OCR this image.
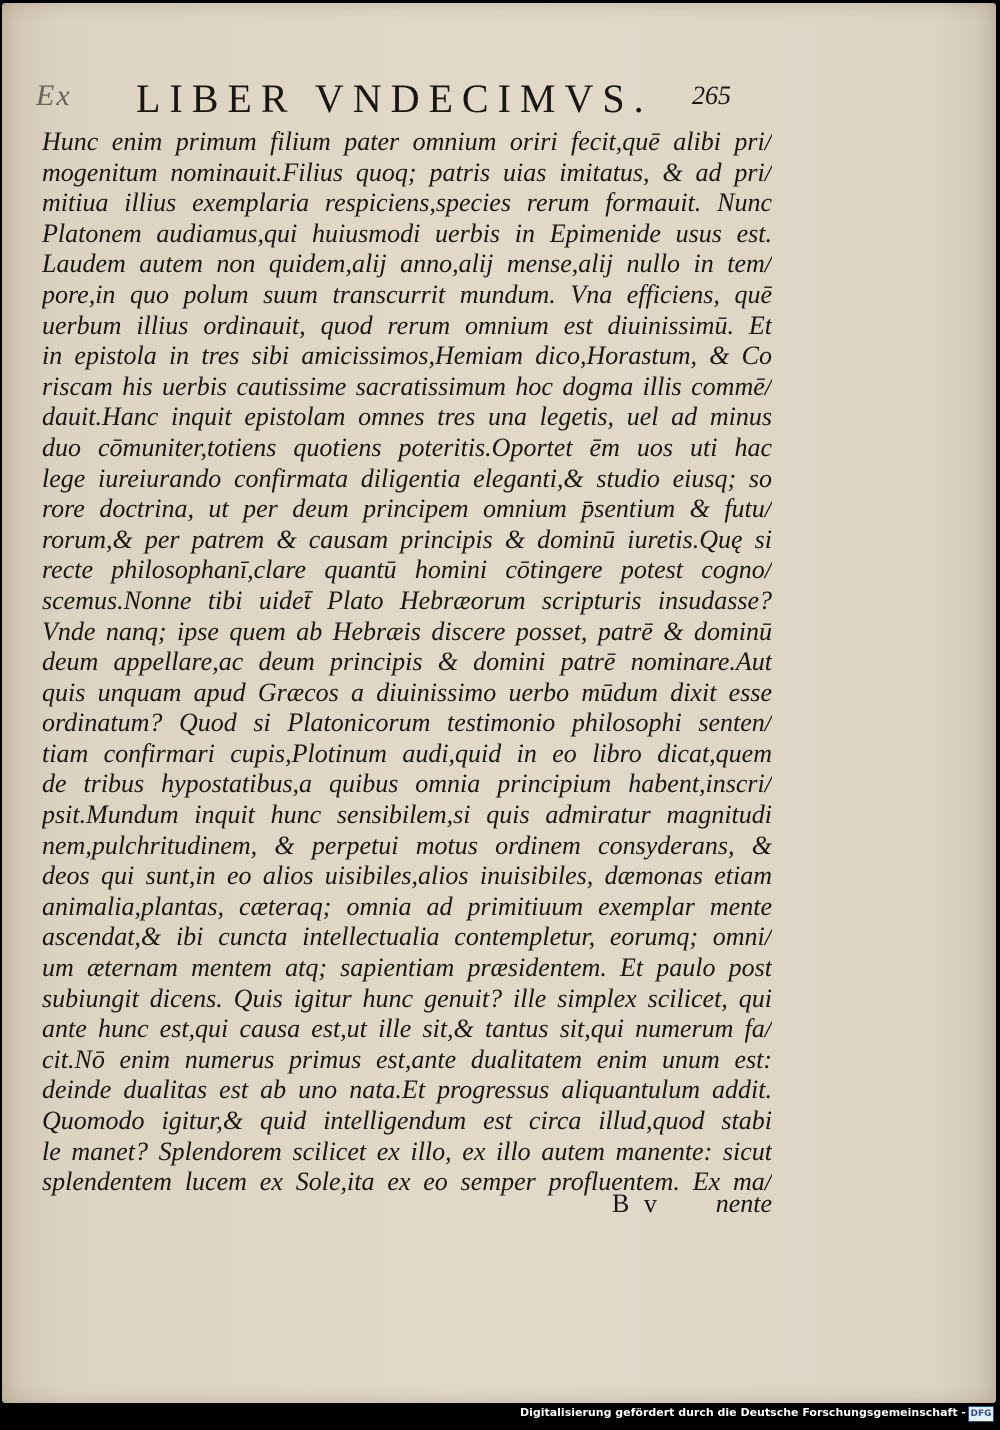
Ex LIBER VNDECIMVS. 265
Hunc enim primum filium pater omnium oriri fecit,quē alibi pri/
mogenitum nominauit.Filius quoq; patris uias imitatus, & ad pri/
mitiua illius exemplaria respiciens,species rerum formauit. Nunc
Platonem audiamus,qui huiusmodi uerbis in Epimenide usus est.
Laudem autem non quidem,alij anno,alij mense,alij nullo in tem/
pore,in quo polum suum transcurrit mundum. Vna efficiens, quē
uerbum illius ordinauit, quod rerum omnium est diuinissimū. Et
in epistola in tres sibi amicissimos,Hemiam dico,Horastum, & Co
riscam his uerbis cautissime sacratissimum hoc dogma illis commē/
dauit.Hanc inquit epistolam omnes tres una legetis, uel ad minus
duo cōmuniter,totiens quotiens poteritis.Oportet ēm uos uti hac
lege iureiurando confirmata diligentia eleganti,& studio eiusq; so
rore doctrina, ut per deum principem omnium p̄sentium & futu/
rorum,& per patrem & causam principis & dominū iuretis.Quę si
recte philosophanī,clare quantū homini cōtingere potest cogno/
scemus.Nonne tibi uidet̄ Plato Hebræorum scripturis insudasse?
Vnde nanq; ipse quem ab Hebræis discere posset, patrē & dominū
deum appellare,ac deum principis & domini patrē nominare.Aut
quis unquam apud Græcos a diuinissimo uerbo mūdum dixit esse
ordinatum? Quod si Platonicorum testimonio philosophi senten/
tiam confirmari cupis,Plotinum audi,quid in eo libro dicat,quem
de tribus hypostatibus,a quibus omnia principium habent,inscri/
psit.Mundum inquit hunc sensibilem,si quis admiratur magnitudi
nem,pulchritudinem, & perpetui motus ordinem consyderans, &
deos qui sunt,in eo alios uisibiles,alios inuisibiles, dæmonas etiam
animalia,plantas, cæteraq; omnia ad primitiuum exemplar mente
ascendat,& ibi cuncta intellectualia contempletur, eorumq; omni/
um æternam mentem atq; sapientiam præsidentem. Et paulo post
subiungit dicens. Quis igitur hunc genuit? ille simplex scilicet, qui
ante hunc est,qui causa est,ut ille sit,& tantus sit,qui numerum fa/
cit.Nō enim numerus primus est,ante dualitatem enim unum est:
deinde dualitas est ab uno nata.Et progressus aliquantulum addit.
Quomodo igitur,& quid intelligendum est circa illud,quod stabi
le manet? Splendorem scilicet ex illo, ex illo autem manente: sicut
splendentem lucem ex Sole,ita ex eo semper profluentem. Ex ma/
B v nente
Digitalisierung gefördert durch die Deutsche Forschungsgemeinschaft - DFG
